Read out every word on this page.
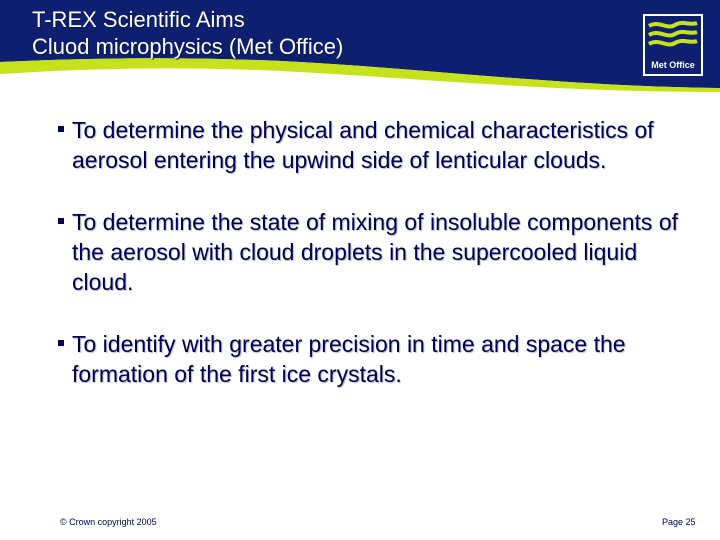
T-REX Scientific Aims
Cluod microphysics (Met Office)
Met Office
To determine the physical and chemical characteristics of aerosol entering the upwind side of lenticular clouds.
To determine the state of mixing of insoluble components of the aerosol with cloud droplets in the supercooled liquid cloud.
To identify with greater precision in time and space the formation of the first ice crystals.
© Crown copyright 2005	Page 25
